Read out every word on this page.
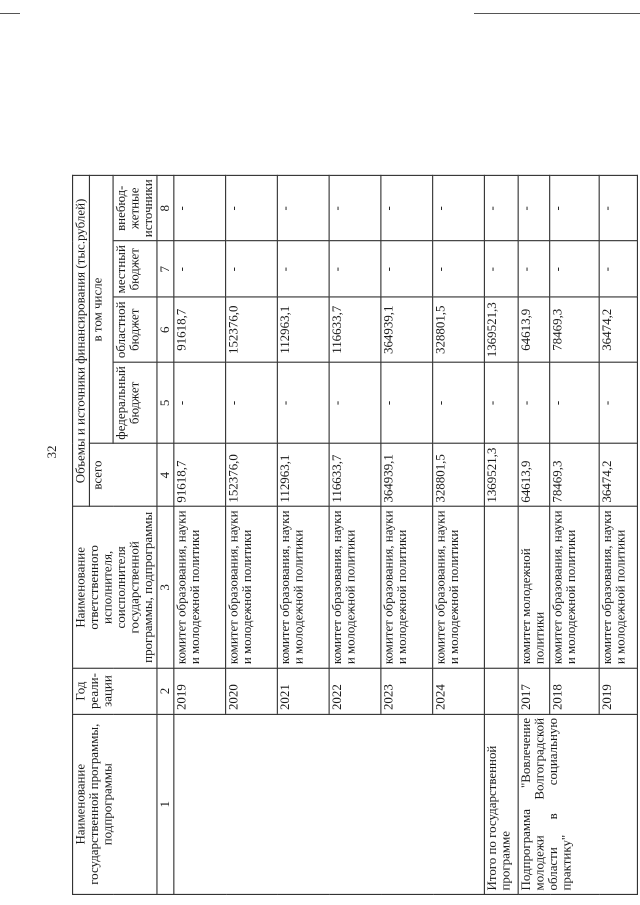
32
Наименование государственной программы, подпрограммы	Год реали-зации	Наименование ответственного исполнителя, соисполнителя государственной программы, подпрограммы	Объемы и источники финансирования (тыс.рублей)				
			всего	в том числе			
				федеральный бюджет	областной бюджет	местный бюджет	внебюд-жетные источники
1	2	3	4	5	6	7	8
	2019	комитет образования, науки и молодежной политики	91618,7	-	91618,7	-	-
	2020	комитет образования, науки и молодежной политики	152376,0	-	152376,0	-	-
	2021	комитет образования, науки и молодежной политики	112963,1	-	112963,1	-	-
	2022	комитет образования, науки и молодежной политики	116633,7	-	116633,7	-	-
	2023	комитет образования, науки и молодежной политики	364939,1	-	364939,1	-	-
	2024	комитет образования, науки и молодежной политики	328801,5	-	328801,5	-	-
Итого по государственной программе			1369521,3	-	1369521,3	-	-
Подпрограмма "Вовлечение молодежи Волгоградской области в социальную практику"	2017	комитет молодежной политики	64613,9	-	64613,9	-	-
	2018	комитет образования, науки и молодежной политики	78469,3	-	78469,3	-	-
	2019	комитет образования, науки и молодежной политики	36474,2	-	36474,2	-	-
